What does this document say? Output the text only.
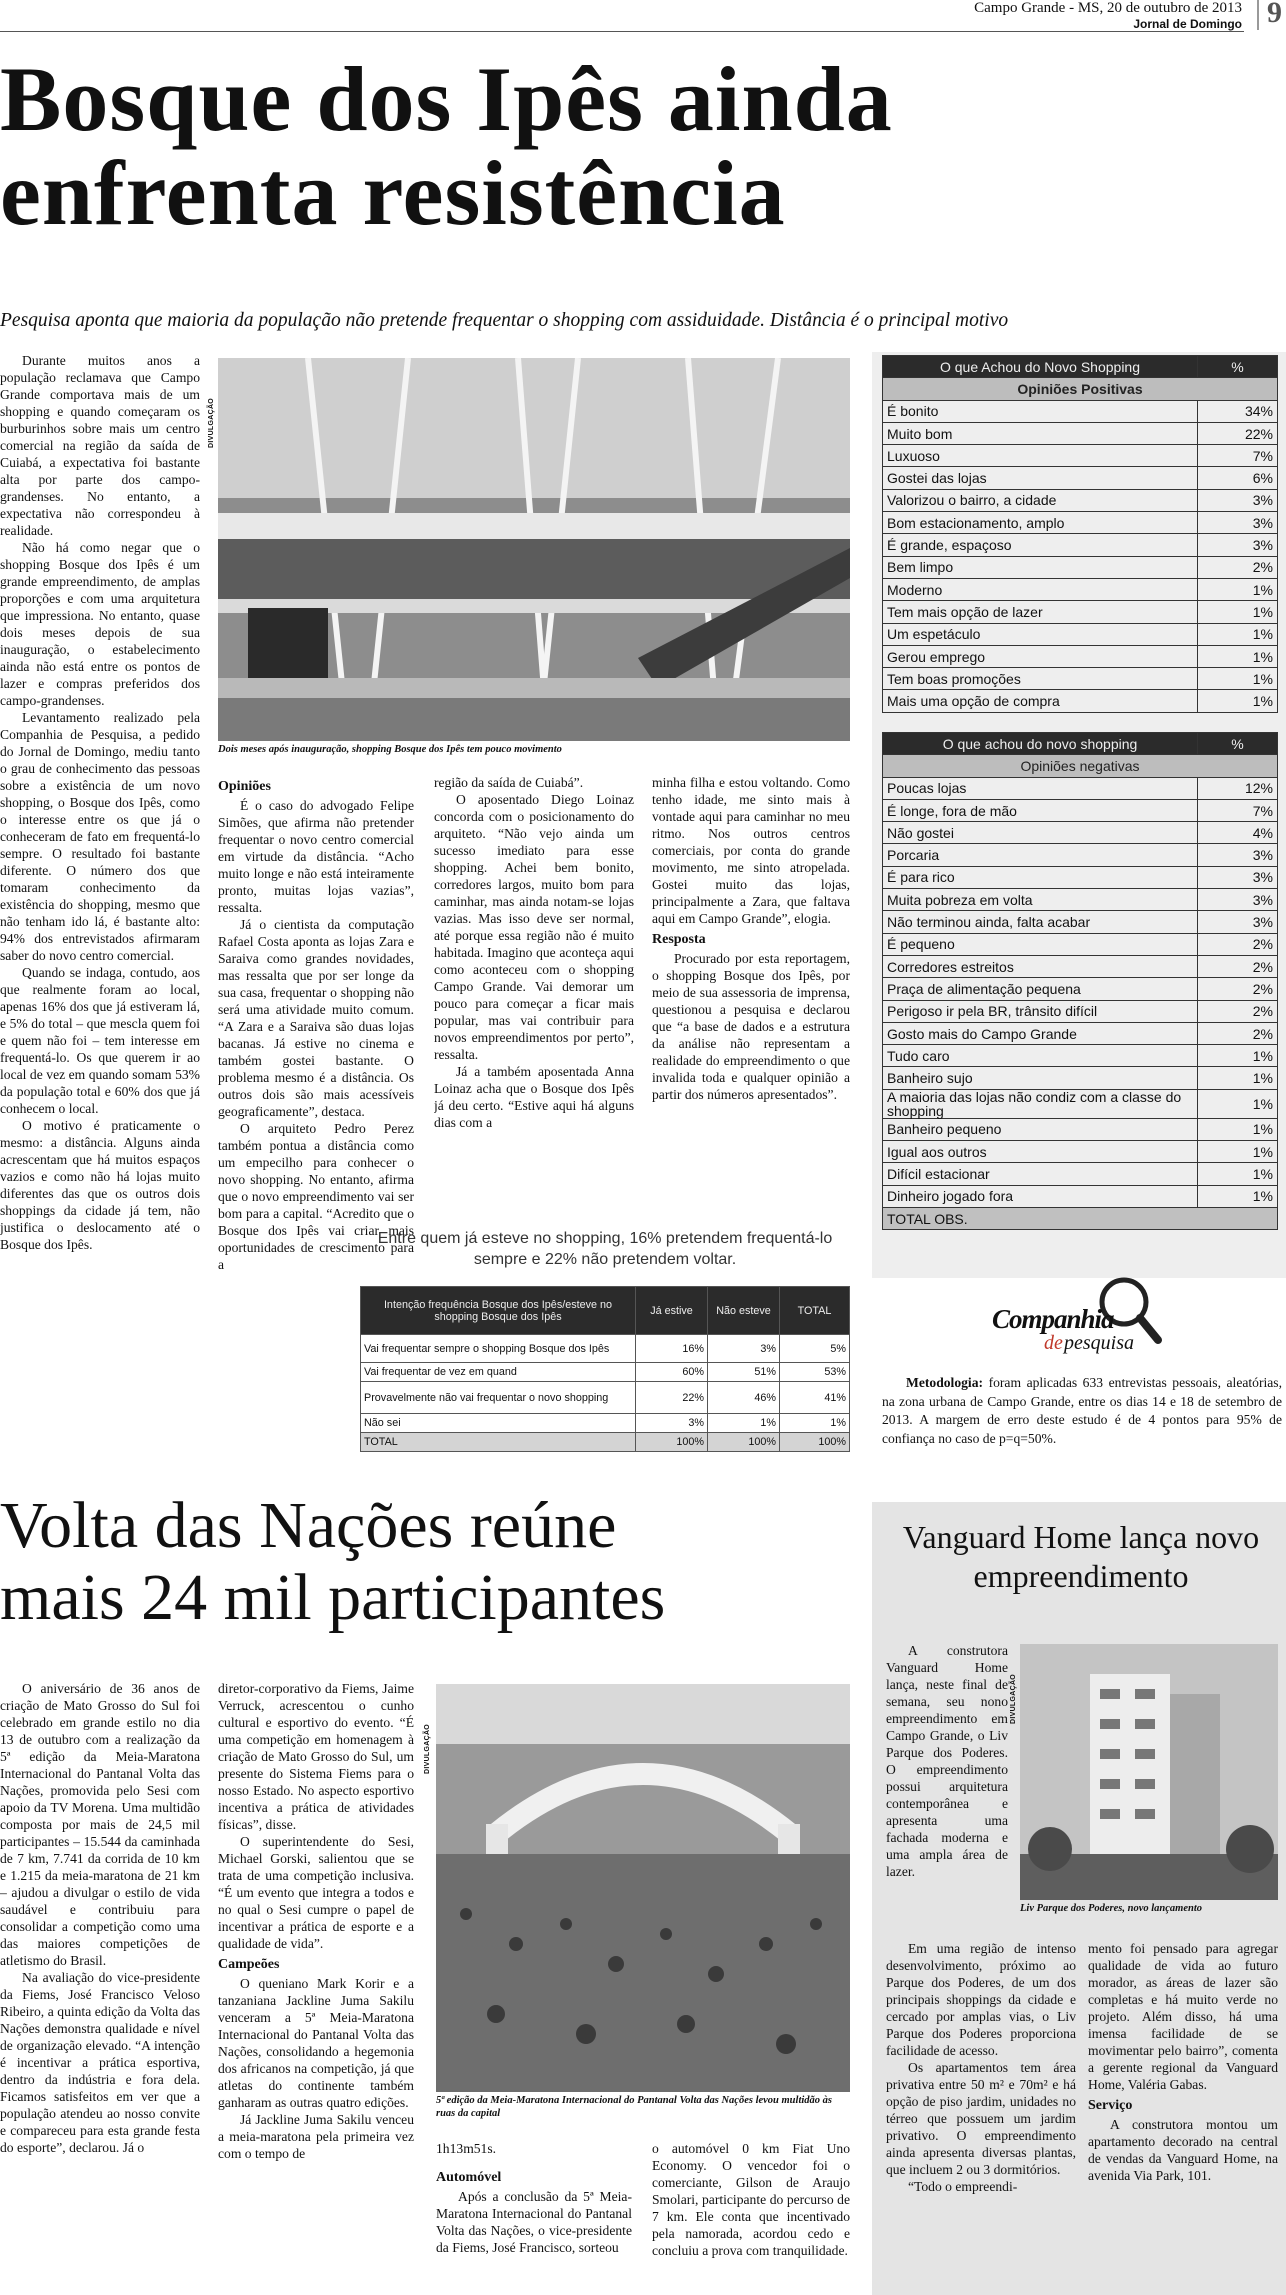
Campo Grande - MS, 20 de outubro de 2013
Jornal de Domingo 9
Bosque dos Ipês ainda
enfrenta resistência
Pesquisa aponta que maioria da população não pretende frequentar o shopping com assiduidade. Distância é o principal motivo

Durante muitos anos a população reclamava que Campo Grande comportava mais de um shopping e quando começaram os burburinhos sobre mais um centro comercial na região da saída de Cuiabá, a expectativa foi bastante alta por parte dos campo-grandenses. No entanto, a expectativa não correspondeu à realidade.

Não há como negar que o shopping Bosque dos Ipês é um grande empreendimento, de amplas proporções e com uma arquitetura que impressiona. No entanto, quase dois meses depois de sua inauguração, o estabelecimento ainda não está entre os pontos de lazer e compras preferidos dos campo-grandenses.

Levantamento realizado pela Companhia de Pesquisa, a pedido do Jornal de Domingo, mediu tanto o grau de conhecimento das pessoas sobre a existência de um novo shopping, o Bosque dos Ipês, como o interesse entre os que já o conheceram de fato em frequentá-lo sempre. O resultado foi bastante diferente. O número dos que tomaram conhecimento da existência do shopping, mesmo que não tenham ido lá, é bastante alto: 94% dos entrevistados afirmaram saber do novo centro comercial.

Quando se indaga, contudo, aos que realmente foram ao local, apenas 16% dos que já estiveram lá, e 5% do total – que mescla quem foi e quem não foi – tem interesse em frequentá-lo. Os que querem ir ao local de vez em quando somam 53% da população total e 60% dos que já conhecem o local.

O motivo é praticamente o mesmo: a distância. Alguns ainda acrescentam que há muitos espaços vazios e como não há lojas muito diferentes das que os outros dois shoppings da cidade já tem, não justifica o deslocamento até o Bosque dos Ipês.

DIVULGAÇÃO
Dois meses após inauguração, shopping Bosque dos Ipês tem pouco movimento
Opiniões

É o caso do advogado Felipe Simões, que afirma não pretender frequentar o novo centro comercial em virtude da distância. “Acho muito longe e não está inteiramente pronto, muitas lojas vazias”, ressalta.

Já o cientista da computação Rafael Costa aponta as lojas Zara e Saraiva como grandes novidades, mas ressalta que por ser longe da sua casa, frequentar o shopping não será uma atividade muito comum. “A Zara e a Saraiva são duas lojas bacanas. Já estive no cinema e também gostei bastante. O problema mesmo é a distância. Os outros dois são mais acessíveis geograficamente”, destaca.

O arquiteto Pedro Perez também pontua a distância como um empecilho para conhecer o novo shopping. No entanto, afirma que o novo empreendimento vai ser bom para a capital. “Acredito que o Bosque dos Ipês vai criar mais oportunidades de crescimento para a

região da saída de Cuiabá”.

O aposentado Diego Loinaz concorda com o posicionamento do arquiteto. “Não vejo ainda um sucesso imediato para esse shopping. Achei bem bonito, corredores largos, muito bom para caminhar, mas ainda notam-se lojas vazias. Mas isso deve ser normal, até porque essa região não é muito habitada. Imagino que aconteça aqui como aconteceu com o shopping Campo Grande. Vai demorar um pouco para começar a ficar mais popular, mas vai contribuir para novos empreendimentos por perto”, ressalta.

Já a também aposentada Anna Loinaz acha que o Bosque dos Ipês já deu certo. “Estive aqui há alguns dias com a

minha filha e estou voltando. Como tenho idade, me sinto mais à vontade aqui para caminhar no meu ritmo. Nos outros centros comerciais, por conta do grande movimento, me sinto atropelada. Gostei muito das lojas, principalmente a Zara, que faltava aqui em Campo Grande”, elogia.

Resposta

Procurado por esta reportagem, o shopping Bosque dos Ipês, por meio de sua assessoria de imprensa, questionou a pesquisa e declarou que “a base de dados e a estrutura da análise não representam a realidade do empreendimento o que invalida toda e qualquer opinião a partir dos números apresentados”.

Entre quem já esteve no shopping, 16% pretendem frequentá-lo sempre e 22% não pretendem voltar.
Intenção frequência Bosque dos Ipês/esteve no shopping Bosque dos Ipês	Já estive	Não esteve	TOTAL
Vai frequentar sempre o shopping Bosque dos Ipês	16%	3%	5%
Vai frequentar de vez em quand	60%	51%	53%
Provavelmente não vai frequentar o novo shopping	22%	46%	41%
Não sei	3%	1%	1%
TOTAL	100%	100%	100%
O que Achou do Novo Shopping	%
Opiniões Positivas	
É bonito	34%
Muito bom	22%
Luxuoso	7%
Gostei das lojas	6%
Valorizou o bairro, a cidade	3%
Bom estacionamento, amplo	3%
É grande, espaçoso	3%
Bem limpo	2%
Moderno	1%
Tem mais opção de lazer	1%
Um espetáculo	1%
Gerou emprego	1%
Tem boas promoções	1%
Mais uma opção de compra	1%
O que achou do novo shopping	%
Opiniões negativas	
Poucas lojas	12%
É longe, fora de mão	7%
Não gostei	4%
Porcaria	3%
É para rico	3%
Muita pobreza em volta	3%
Não terminou ainda, falta acabar	3%
É pequeno	2%
Corredores estreitos	2%
Praça de alimentação pequena	2%
Perigoso ir pela BR, trânsito difícil	2%
Gosto mais do Campo Grande	2%
Tudo caro	1%
Banheiro sujo	1%
A maioria das lojas não condiz com a classe do shopping	1%
Banheiro pequeno	1%
Igual aos outros	1%
Difícil estacionar	1%
Dinheiro jogado fora	1%
TOTAL OBS.	
Companhia
de pesquisa
Metodologia: foram aplicadas 633 entrevistas pessoais, aleatórias, na zona urbana de Campo Grande, entre os dias 14 e 18 de setembro de 2013. A margem de erro deste estudo é de 4 pontos para 95% de confiança no caso de p=q=50%.
Volta das Nações reúne
mais 24 mil participantes

O aniversário de 36 anos de criação de Mato Grosso do Sul foi celebrado em grande estilo no dia 13 de outubro com a realização da 5ª edição da Meia-Maratona Internacional do Pantanal Volta das Nações, promovida pelo Sesi com apoio da TV Morena. Uma multidão composta por mais de 24,5 mil participantes – 15.544 da caminhada de 7 km, 7.741 da corrida de 10 km e 1.215 da meia-maratona de 21 km – ajudou a divulgar o estilo de vida saudável e contribuiu para consolidar a competição como uma das maiores competições de atletismo do Brasil.

Na avaliação do vice-presidente da Fiems, José Francisco Veloso Ribeiro, a quinta edição da Volta das Nações demonstra qualidade e nível de organização elevado. “A intenção é incentivar a prática esportiva, dentro da indústria e fora dela. Ficamos satisfeitos em ver que a população atendeu ao nosso convite e compareceu para esta grande festa do esporte”, declarou. Já o

diretor-corporativo da Fiems, Jaime Verruck, acrescentou o cunho cultural e esportivo do evento. “É uma competição em homenagem à criação de Mato Grosso do Sul, um presente do Sistema Fiems para o nosso Estado. No aspecto esportivo incentiva a prática de atividades físicas”, disse.

O superintendente do Sesi, Michael Gorski, salientou que se trata de uma competição inclusiva. “É um evento que integra a todos e no qual o Sesi cumpre o papel de incentivar a prática de esporte e a qualidade de vida”.

Campeões

O queniano Mark Korir e a tanzaniana Jackline Juma Sakilu venceram a 5ª Meia-Maratona Internacional do Pantanal Volta das Nações, consolidando a hegemonia dos africanos na competição, já que atletas do continente também ganharam as outras quatro edições.

Já Jackline Juma Sakilu venceu a meia-maratona pela primeira vez com o tempo de

DIVULGAÇÃO
5ª edição da Meia-Maratona Internacional do Pantanal Volta das Nações levou multidão às ruas da capital

1h13m51s.

Automóvel

Após a conclusão da 5ª Meia-Maratona Internacional do Pantanal Volta das Nações, o vice-presidente da Fiems, José Francisco, sorteou

o automóvel 0 km Fiat Uno Economy. O vencedor foi o comerciante, Gilson de Araujo Smolari, participante do percurso de 7 km. Ele conta que incentivado pela namorada, acordou cedo e concluiu a prova com tranquilidade.

Vanguard Home lança novo empreendimento
DIVULGAÇÃO
Liv Parque dos Poderes, novo lançamento

A construtora Vanguard Home lança, neste final de semana, seu nono empreendimento em Campo Grande, o Liv Parque dos Poderes. O empreendimento possui arquitetura contemporânea e apresenta uma fachada moderna e uma ampla área de lazer.

Em uma região de intenso desenvolvimento, próximo ao Parque dos Poderes, de um dos principais shoppings da cidade e cercado por amplas vias, o Liv Parque dos Poderes proporciona facilidade de acesso.

Os apartamentos tem área privativa entre 50 m² e 70m² e há opção de piso jardim, unidades no térreo que possuem um jardim privativo. O empreendimento ainda apresenta diversas plantas, que incluem 2 ou 3 dormitórios.

“Todo o empreendi-

mento foi pensado para agregar qualidade de vida ao futuro morador, as áreas de lazer são completas e há muito verde no projeto. Além disso, há uma imensa facilidade de se movimentar pelo bairro”, comenta a gerente regional da Vanguard Home, Valéria Gabas.

Serviço

A construtora montou um apartamento decorado na central de vendas da Vanguard Home, na avenida Via Park, 101.
